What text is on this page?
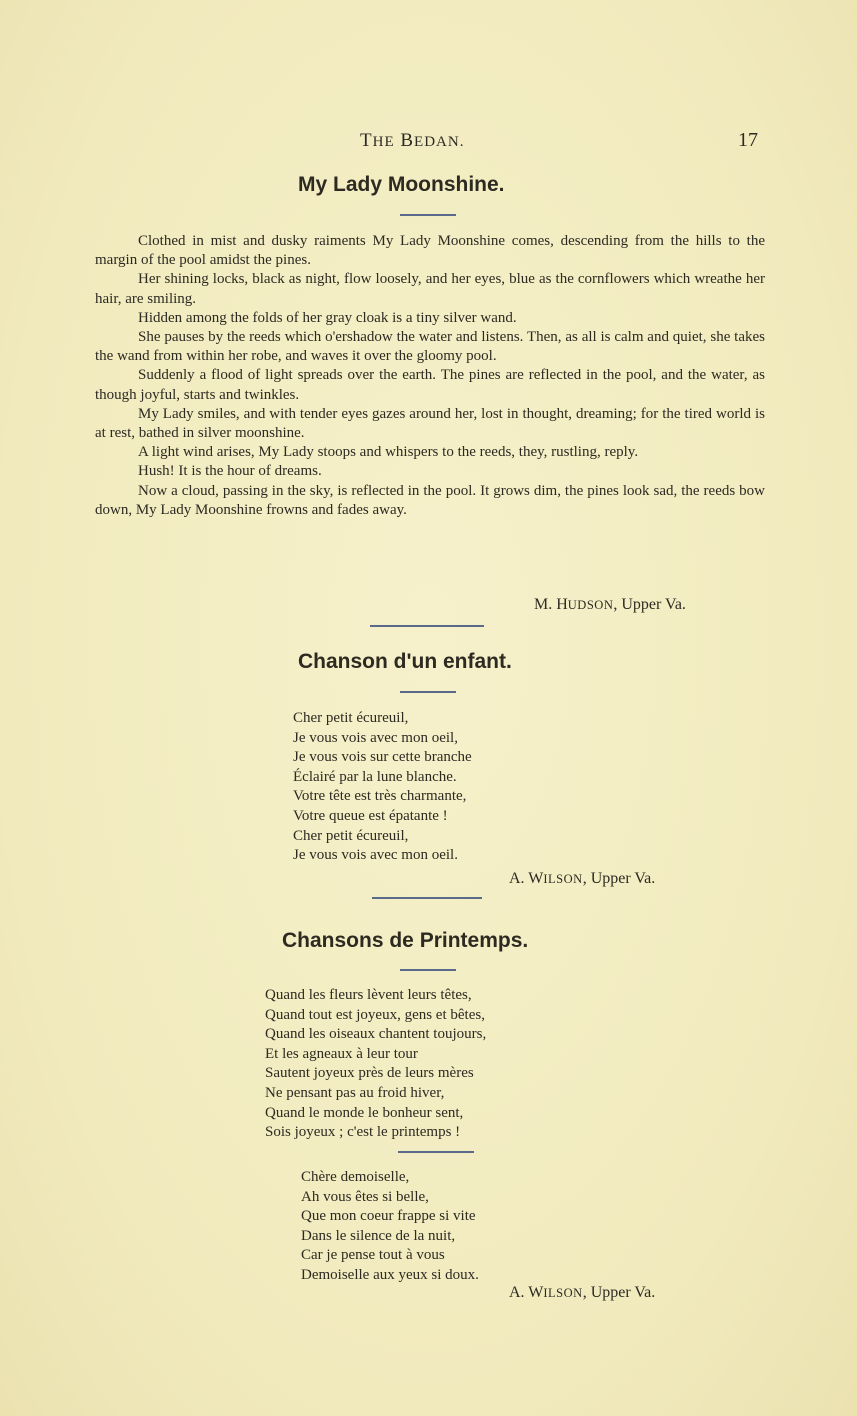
THE BEDAN.	17
My Lady Moonshine.

Clothed in mist and dusky raiments My Lady Moonshine comes, descending from the hills to the margin of the pool amidst the pines.

Her shining locks, black as night, flow loosely, and her eyes, blue as the cornflowers which wreathe her hair, are smiling.

Hidden among the folds of her gray cloak is a tiny silver wand.

She pauses by the reeds which o'ershadow the water and listens. Then, as all is calm and quiet, she takes the wand from within her robe, and waves it over the gloomy pool.

Suddenly a flood of light spreads over the earth. The pines are reflected in the pool, and the water, as though joyful, starts and twinkles.

My Lady smiles, and with tender eyes gazes around her, lost in thought, dreaming; for the tired world is at rest, bathed in silver moonshine.

A light wind arises, My Lady stoops and whispers to the reeds, they, rustling, reply.

Hush! It is the hour of dreams.

Now a cloud, passing in the sky, is reflected in the pool. It grows dim, the pines look sad, the reeds bow down, My Lady Moonshine frowns and fades away.

M. HUDSON, Upper Va.
Chanson d'un enfant.
Cher petit écureuil,
Je vous vois avec mon oeil,
Je vous vois sur cette branche
Éclairé par la lune blanche.
Votre tête est très charmante,
Votre queue est épatante !
Cher petit écureuil,
Je vous vois avec mon oeil.
A. WILSON, Upper Va.
Chansons de Printemps.
Quand les fleurs lèvent leurs têtes,
Quand tout est joyeux, gens et bêtes,
Quand les oiseaux chantent toujours,
Et les agneaux à leur tour
Sautent joyeux près de leurs mères
Ne pensant pas au froid hiver,
Quand le monde le bonheur sent,
Sois joyeux ; c'est le printemps !
Chère demoiselle,
Ah vous êtes si belle,
Que mon coeur frappe si vite
Dans le silence de la nuit,
Car je pense tout à vous
Demoiselle aux yeux si doux.
A. WILSON, Upper Va.
